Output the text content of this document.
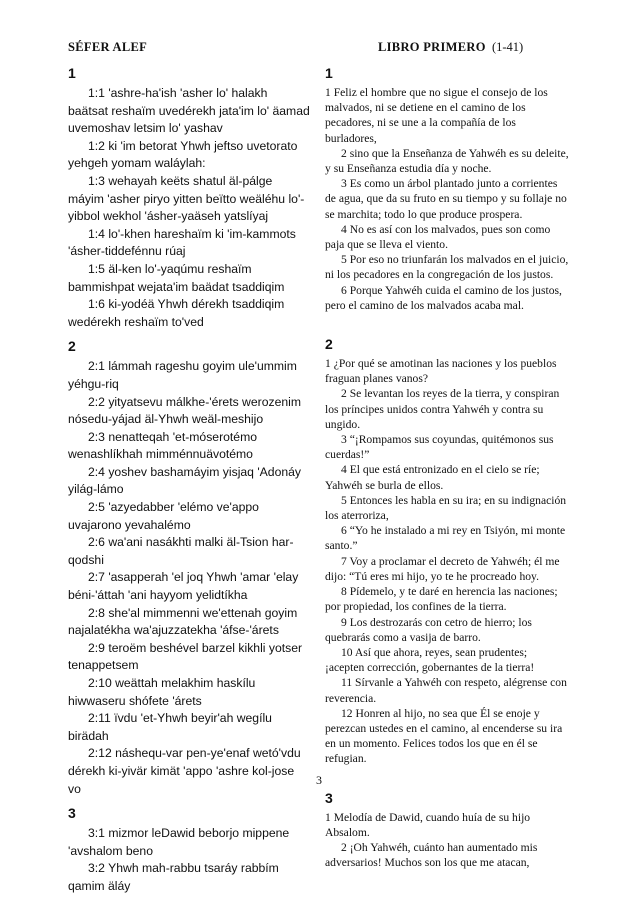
SÉFER ALEF	LIBRO PRIMERO (1-41)
1

1:1 'ashre-ha'ish 'asher lo' halakh baätsat reshaïm uvedérekh jata'im lo' äamad uvemoshav letsim lo' yashav

1:2 ki 'im betorat Yhwh jeftso uvetorato yehgeh yomam waláylah:

1:3 wehayah keëts shatul äl-pálge máyim 'asher piryo yitten beïtto weäléhu lo'-yibbol wekhol 'ásher-yaäseh yatslíyaj

1:4 lo'-khen hareshaïm ki 'im-kammots 'ásher-tiddefénnu rúaj

1:5 äl-ken lo'-yaqúmu reshaïm bammishpat wejata'im baädat tsaddiqim

1:6 ki-yodéä Yhwh dérekh tsaddiqim wedérekh reshaïm to'ved

2

2:1 lámmah rageshu goyim ule'ummim yéhgu-riq

2:2 yityatsevu málkhe-'érets werozenim nósedu-yájad äl-Yhwh weäl-meshijo

2:3 nenatteqah 'et-móserotémo wenashlíkhah mimménnuävotémo

2:4 yoshev bashamáyim yisjaq 'Adonáy yilág-lámo

2:5 'azyedabber 'elémo ve'appo uvajarono yevahalémo

2:6 wa'ani nasákhti malki äl-Tsion har-qodshi

2:7 'asapperah 'el joq Yhwh 'amar 'elay béni-'áttah 'ani hayyom yelidtíkha

2:8 she'al mimmenni we'ettenah goyim najalatékha wa'ajuzzatekha 'áfse-'árets

2:9 teroëm beshével barzel kikhli yotser tenappetsem

2:10 weättah melakhim haskílu hiwwaseru shófete 'árets

2:11 ïvdu 'et-Yhwh beyir'ah wegílu birädah

2:12 náshequ-var pen-ye'enaf wetó'vdu dérekh ki-yivär kimät 'appo 'ashre kol-jose vo

3

3:1 mizmor leDawid beborjo mippene 'avshalom beno

3:2 Yhwh mah-rabbu tsaráy rabbím qamim äláy

1

1 Feliz el hombre que no sigue el consejo de los malvados, ni se detiene en el camino de los pecadores, ni se une a la compañía de los burladores,

2 sino que la Enseñanza de Yahwéh es su deleite, y su Enseñanza estudia día y noche.

3 Es como un árbol plantado junto a corrientes de agua, que da su fruto en su tiempo y su follaje no se marchita; todo lo que produce prospera.

4 No es así con los malvados, pues son como paja que se lleva el viento.

5 Por eso no triunfarán los malvados en el juicio, ni los pecadores en la congregación de los justos.

6 Porque Yahwéh cuida el camino de los justos, pero el camino de los malvados acaba mal.

2

1 ¿Por qué se amotinan las naciones y los pueblos fraguan planes vanos?

2 Se levantan los reyes de la tierra, y conspiran los príncipes unidos contra Yahwéh y contra su ungido.

3 “¡Rompamos sus coyundas, quitémonos sus cuerdas!”

4 El que está entronizado en el cielo se ríe; Yahwéh se burla de ellos.

5 Entonces les habla en su ira; en su indignación los aterroriza,

6 “Yo he instalado a mi rey en Tsiyón, mi monte santo.”

7 Voy a proclamar el decreto de Yahwéh; él me dijo: “Tú eres mi hijo, yo te he procreado hoy.

8 Pídemelo, y te daré en herencia las naciones; por propiedad, los confines de la tierra.

9 Los destrozarás con cetro de hierro; los quebrarás como a vasija de barro.

10 Así que ahora, reyes, sean prudentes; ¡acepten corrección, gobernantes de la tierra!

11 Sírvanle a Yahwéh con respeto, alégrense con reverencia.

12 Honren al hijo, no sea que Él se enoje y perezcan ustedes en el camino, al encenderse su ira en un momento. Felices todos los que en él se refugian.

3

1 Melodía de Dawid, cuando huía de su hijo Absalom.

2 ¡Oh Yahwéh, cuánto han aumentado mis adversarios! Muchos son los que me atacan,

3
